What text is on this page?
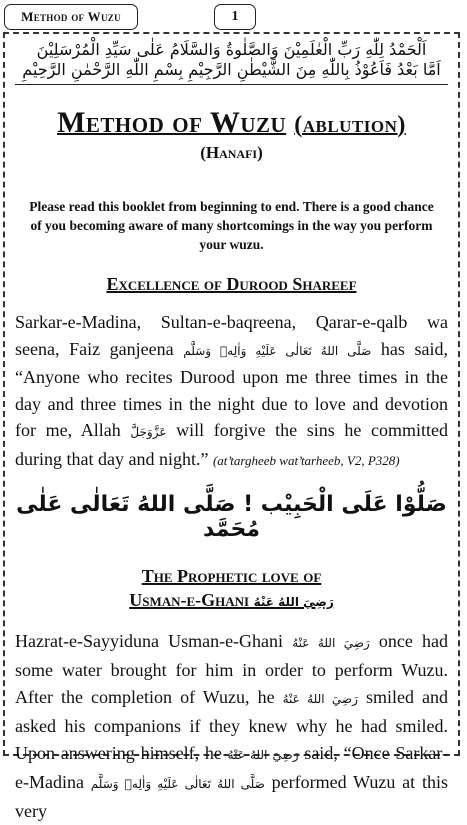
Method of Wuzu	1
اَلْحَمْدُ لِلّٰهِ رَبِّ الْعٰلَمِيْنَ وَالصَّلٰوةُ وَالسَّلَامُ عَلٰى سَيِّدِ الْمُرْسَلِيْنَ
اَمَّا بَعْدُ فَاَعُوْذُ بِاللّٰهِ مِنَ الشَّيْطٰنِ الرَّجِيْمِ بِسْمِ اللّٰهِ الرَّحْمٰنِ الرَّحِيْمِ
Method of Wuzu (ablution)
(Hanafi)
Please read this booklet from beginning to end. There is a good chance of you becoming aware of many shortcomings in the way you perform your wuzu.
Excellence of Durood Shareef

Sarkar-e-Madina, Sultan-e-baqreena, Qarar-e-qalb wa seena, Faiz ganjeena صَلَّى اللهُ تَعَالٰى عَلَيْهِ وَاٰلِهٖ وَسَلَّم has said, “Anyone who recites Durood upon me three times in the day and three times in the night due to love and devotion for me, Allah عَزَّوَجَلَّ will forgive the sins he committed during that day and night.” (at’targheeb wat’tarheeb, V2, P328)

صَلُّوْا عَلَى الْحَبِيْب ! صَلَّى اللهُ تَعَالٰى عَلٰى مُحَمَّد
The Prophetic love of
Usman-e-Ghani رَضِيَ اللهُ عَنْهُ

Hazrat-e-Sayyiduna Usman-e-Ghani رَضِيَ اللهُ عَنْهُ once had some water brought for him in order to perform Wuzu. After the completion of Wuzu, he رَضِيَ اللهُ عَنْهُ smiled and asked his companions if they knew why he had smiled. Upon answering himself, he رَضِيَ اللهُ عَنْهُ said, “Once Sarkar-e-Madina صَلَّى اللهُ تَعَالٰى عَلَيْهِ وَاٰلِهٖ وَسَلَّم performed Wuzu at this very
